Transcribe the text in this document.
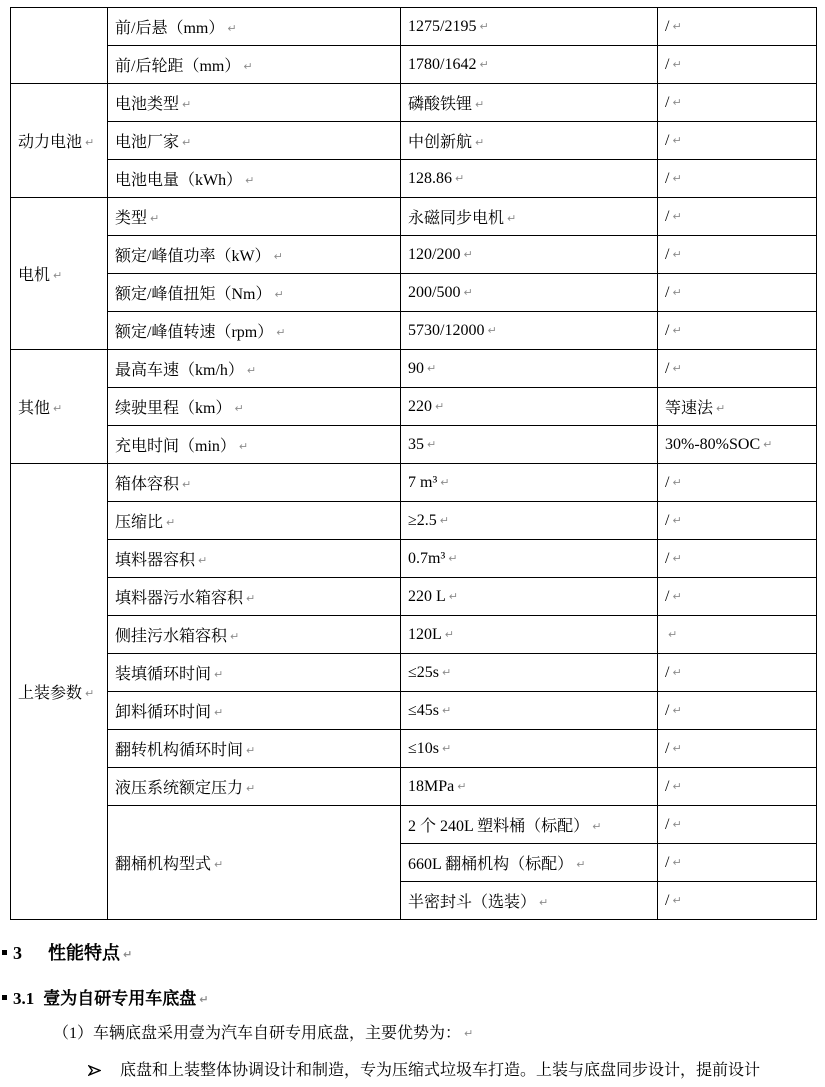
	前/后悬（mm） ↵	1275/2195 ↵	/ ↵
	前/后轮距（mm） ↵	1780/1642 ↵	/ ↵
动力电池 ↵	电池类型 ↵	磷酸铁锂 ↵	/ ↵
	电池厂家 ↵	中创新航 ↵	/ ↵
	电池电量（kWh） ↵	128.86 ↵	/ ↵
电机 ↵	类型 ↵	永磁同步电机 ↵	/ ↵
	额定/峰值功率（kW） ↵	120/200 ↵	/ ↵
	额定/峰值扭矩（Nm） ↵	200/500 ↵	/ ↵
	额定/峰值转速（rpm） ↵	5730/12000 ↵	/ ↵
其他 ↵	最高车速（km/h） ↵	90 ↵	/ ↵
	续驶里程（km） ↵	220 ↵	等速法 ↵
	充电时间（min） ↵	35 ↵	30%-80%SOC ↵
上装参数 ↵	箱体容积 ↵	7 m³ ↵	/ ↵
	压缩比 ↵	≥2.5 ↵	/ ↵
	填料器容积 ↵	0.7m³ ↵	/ ↵
	填料器污水箱容积 ↵	220 L ↵	/ ↵
	侧挂污水箱容积 ↵	120L ↵	↵
	装填循环时间 ↵	≤25s ↵	/ ↵
	卸料循环时间 ↵	≤45s ↵	/ ↵
	翻转机构循环时间 ↵	≤10s ↵	/ ↵
	液压系统额定压力 ↵	18MPa ↵	/ ↵
	翻桶机构型式 ↵	2 个 240L 塑料桶（标配） ↵	/ ↵
		660L 翻桶机构（标配） ↵	/ ↵
		半密封斗（选装） ↵	/ ↵
3 性能特点 ↵
3.1 壹为自研专用车底盘 ↵
（1）车辆底盘采用壹为汽车自研专用底盘，主要优势为： ↵
底盘和上装整体协调设计和制造，专为压缩式垃圾车打造。上装与底盘同步设计，提前设计
